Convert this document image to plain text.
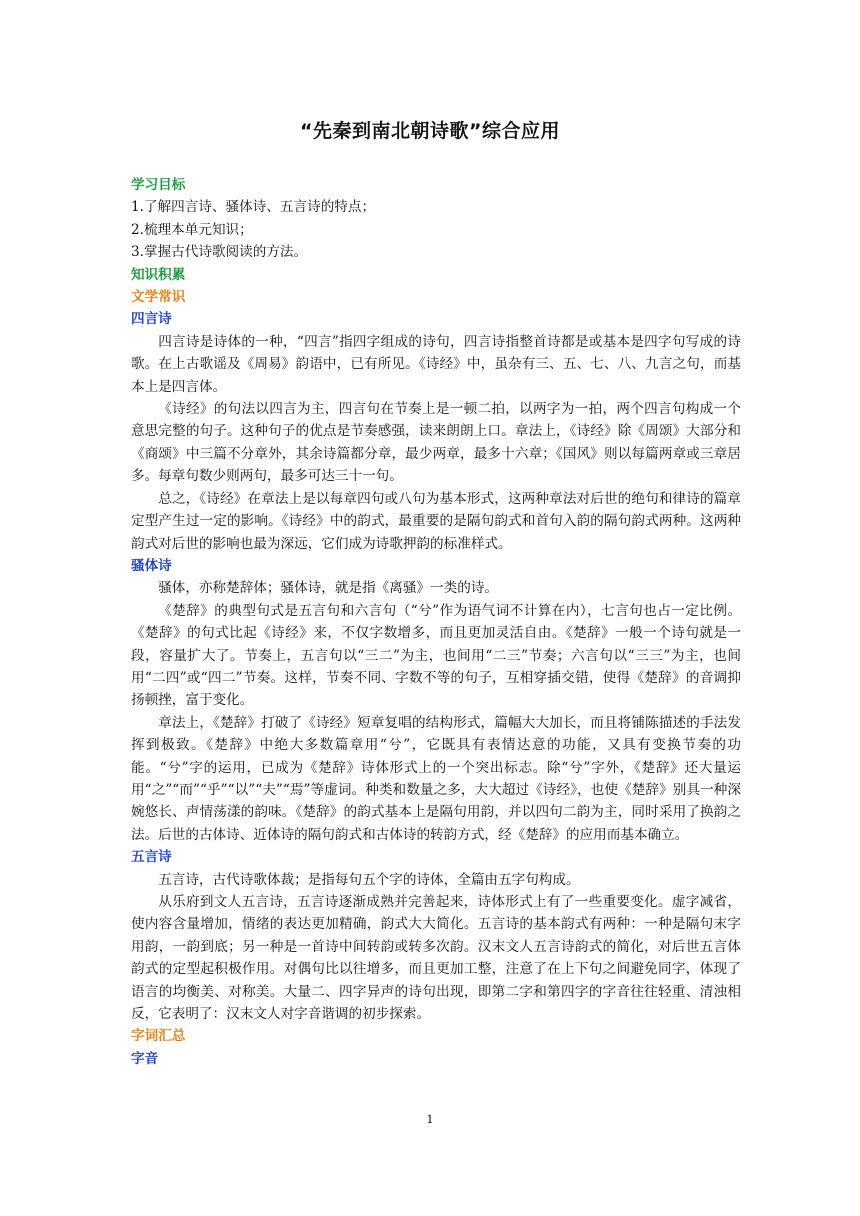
“先秦到南北朝诗歌”综合应用

学习目标

1.了解四言诗、骚体诗、五言诗的特点；

2.梳理本单元知识；

3.掌握古代诗歌阅读的方法。

知识积累

文学常识

四言诗

四言诗是诗体的一种，“四言”指四字组成的诗句，四言诗指整首诗都是或基本是四字句写成的诗歌。在上古歌谣及《周易》韵语中，已有所见。《诗经》中，虽杂有三、五、七、八、九言之句，而基本上是四言体。

《诗经》的句法以四言为主，四言句在节奏上是一顿二拍，以两字为一拍，两个四言句构成一个意思完整的句子。这种句子的优点是节奏感强，读来朗朗上口。章法上，《诗经》除《周颂》大部分和《商颂》中三篇不分章外，其余诗篇都分章，最少两章，最多十六章；《国风》则以每篇两章或三章居多。每章句数少则两句，最多可达三十一句。

总之，《诗经》在章法上是以每章四句或八句为基本形式，这两种章法对后世的绝句和律诗的篇章定型产生过一定的影响。《诗经》中的韵式，最重要的是隔句韵式和首句入韵的隔句韵式两种。这两种韵式对后世的影响也最为深远，它们成为诗歌押韵的标准样式。

骚体诗

骚体，亦称楚辞体；骚体诗，就是指《离骚》一类的诗。

《楚辞》的典型句式是五言句和六言句（“兮”作为语气词不计算在内），七言句也占一定比例。《楚辞》的句式比起《诗经》来，不仅字数增多，而且更加灵活自由。《楚辞》一般一个诗句就是一段，容量扩大了。节奏上，五言句以“三二”为主，也间用“二三”节奏；六言句以“三三”为主，也间用“二四”或“四二”节奏。这样，节奏不同、字数不等的句子，互相穿插交错，使得《楚辞》的音调抑扬顿挫，富于变化。

章法上，《楚辞》打破了《诗经》短章复唱的结构形式，篇幅大大加长，而且将铺陈描述的手法发挥到极致。《楚辞》中绝大多数篇章用“兮”，它既具有表情达意的功能，又具有变换节奏的功能。“兮”字的运用，已成为《楚辞》诗体形式上的一个突出标志。除“兮”字外，《楚辞》还大量运用“之”“而”“乎”“以”“夫”“焉”等虚词。种类和数量之多，大大超过《诗经》，也使《楚辞》别具一种深婉悠长、声情荡漾的韵味。《楚辞》的韵式基本上是隔句用韵，并以四句二韵为主，同时采用了换韵之法。后世的古体诗、近体诗的隔句韵式和古体诗的转韵方式，经《楚辞》的应用而基本确立。

五言诗

五言诗，古代诗歌体裁；是指每句五个字的诗体，全篇由五字句构成。

从乐府到文人五言诗，五言诗逐渐成熟并完善起来，诗体形式上有了一些重要变化。虚字减省，使内容含量增加，情绪的表达更加精确，韵式大大简化。五言诗的基本韵式有两种：一种是隔句末字用韵，一韵到底；另一种是一首诗中间转韵或转多次韵。汉末文人五言诗韵式的简化，对后世五言体韵式的定型起积极作用。对偶句比以往增多，而且更加工整，注意了在上下句之间避免同字，体现了语言的均衡美、对称美。大量二、四字异声的诗句出现，即第二字和第四字的字音往往轻重、清浊相反，它表明了：汉末文人对字音谐调的初步探索。

字词汇总

字音

1
